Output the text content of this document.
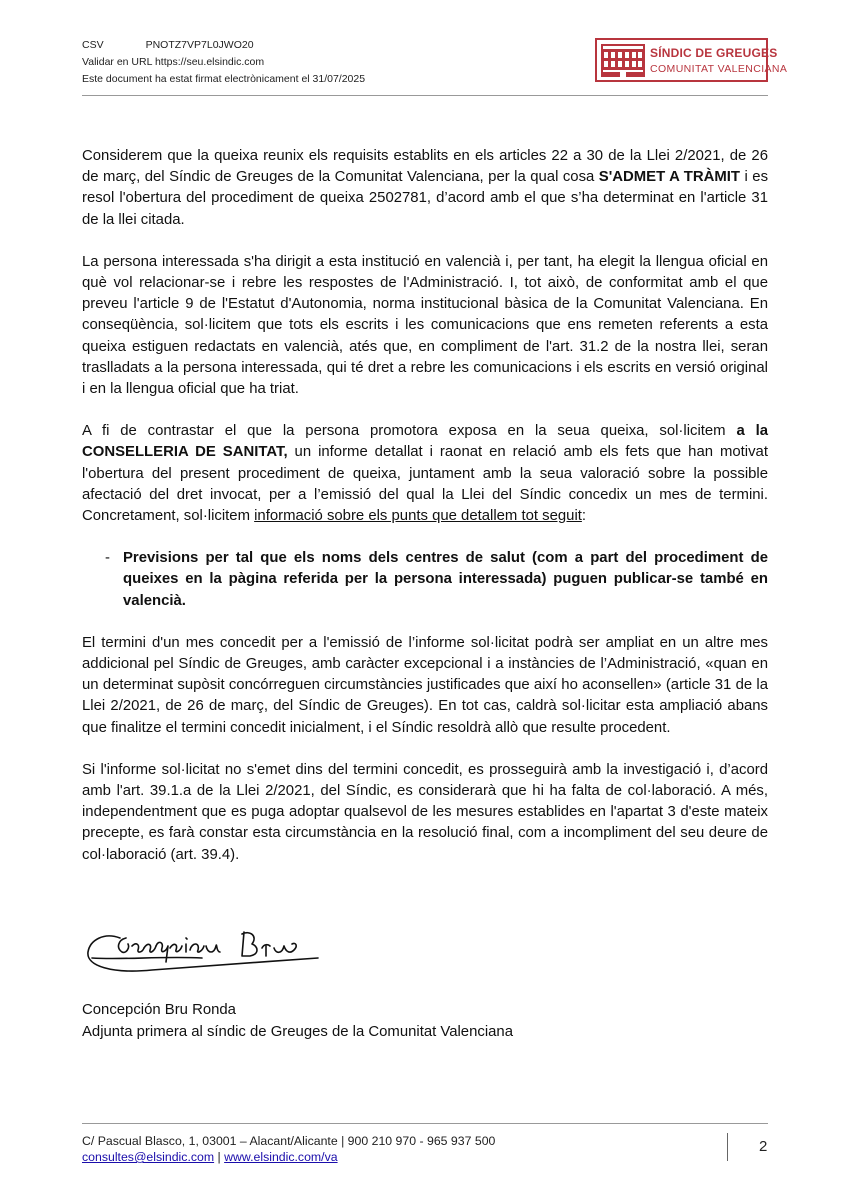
CSV	PNOTZ7VP7L0JWO20
Validar en URL https://seu.elsindic.com
Este document ha estat firmat electrònicament el 31/07/2025
SÍNDIC DE GREUGES
COMUNITAT VALENCIANA

Considerem que la queixa reunix els requisits establits en els articles 22 a 30 de la Llei 2/2021, de 26 de març, del Síndic de Greuges de la Comunitat Valenciana, per la qual cosa S'ADMET A TRÀMIT i es resol l'obertura del procediment de queixa 2502781, d’acord amb el que s’ha determinat en l'article 31 de la llei citada.

La persona interessada s'ha dirigit a esta institució en valencià i, per tant, ha elegit la llengua oficial en què vol relacionar-se i rebre les respostes de l'Administració. I, tot això, de conformitat amb el que preveu l'article 9 de l'Estatut d'Autonomia, norma institucional bàsica de la Comunitat Valenciana. En conseqüència, sol·licitem que tots els escrits i les comunicacions que ens remeten referents a esta queixa estiguen redactats en valencià, atés que, en compliment de l'art. 31.2 de la nostra llei, seran traslladats a la persona interessada, qui té dret a rebre les comunicacions i els escrits en versió original i en la llengua oficial que ha triat.

A fi de contrastar el que la persona promotora exposa en la seua queixa, sol·licitem a la CONSELLERIA DE SANITAT, un informe detallat i raonat en relació amb els fets que han motivat l'obertura del present procediment de queixa, juntament amb la seua valoració sobre la possible afectació del dret invocat, per a l’emissió del qual la Llei del Síndic concedix un mes de termini. Concretament, sol·licitem informació sobre els punts que detallem tot seguit:

- Previsions per tal que els noms dels centres de salut (com a part del procediment de queixes en la pàgina referida per la persona interessada) puguen publicar-se també en valencià.

El termini d'un mes concedit per a l'emissió de l’informe sol·licitat podrà ser ampliat en un altre mes addicional pel Síndic de Greuges, amb caràcter excepcional i a instàncies de l’Administració, «quan en un determinat supòsit concórreguen circumstàncies justificades que així ho aconsellen» (article 31 de la Llei 2/2021, de 26 de març, del Síndic de Greuges). En tot cas, caldrà sol·licitar esta ampliació abans que finalitze el termini concedit inicialment, i el Síndic resoldrà allò que resulte procedent.

Si l'informe sol·licitat no s'emet dins del termini concedit, es prosseguirà amb la investigació i, d’acord amb l'art. 39.1.a de la Llei 2/2021, del Síndic, es considerarà que hi ha falta de col·laboració. A més, independentment que es puga adoptar qualsevol de les mesures establides en l'apartat 3 d'este mateix precepte, es farà constar esta circumstància en la resolució final, com a incompliment del seu deure de col·laboració (art. 39.4).

Concepción Bru Ronda
Adjunta primera al síndic de Greuges de la Comunitat Valenciana
C/ Pascual Blasco, 1, 03001 – Alacant/Alicante | 900 210 970 - 965 937 500
consultes@elsindic.com | www.elsindic.com/va
2
